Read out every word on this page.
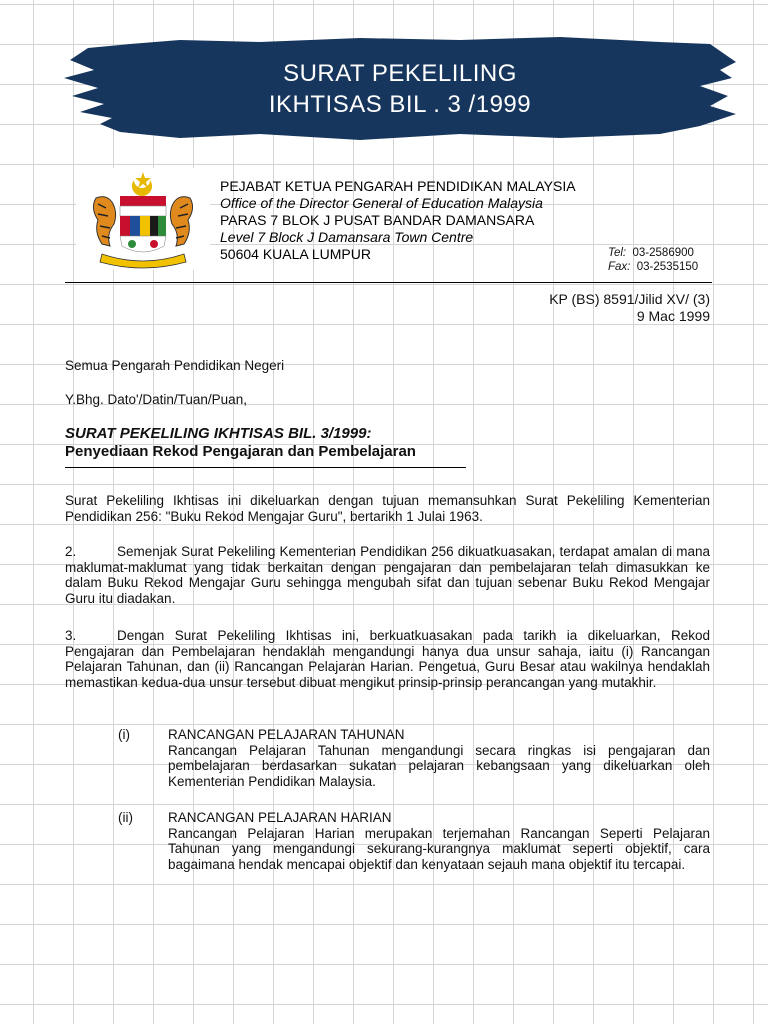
SURAT PEKELILING
IKHTISAS BIL . 3 /1999
PEJABAT KETUA PENGARAH PENDIDIKAN MALAYSIA
Office of the Director General of Education Malaysia
PARAS 7 BLOK J PUSAT BANDAR DAMANSARA
Level 7 Block J Damansara Town Centre
50604 KUALA LUMPUR	Tel: 03-2586900
Fax: 03-2535150
KP (BS) 8591/Jilid XV/ (3)
9 Mac 1999
Semua Pengarah Pendidikan Negeri
Y.Bhg. Dato'/Datin/Tuan/Puan,
SURAT PEKELILING IKHTISAS BIL. 3/1999:
Penyediaan Rekod Pengajaran dan Pembelajaran
Surat Pekeliling Ikhtisas ini dikeluarkan dengan tujuan memansuhkan Surat Pekeliling Kementerian Pendidikan 256: "Buku Rekod Mengajar Guru", bertarikh 1 Julai 1963.
2.	Semenjak Surat Pekeliling Kementerian Pendidikan 256 dikuatkuasakan, terdapat amalan di mana maklumat-maklumat yang tidak berkaitan dengan pengajaran dan pembelajaran telah dimasukkan ke dalam Buku Rekod Mengajar Guru sehingga mengubah sifat dan tujuan sebenar Buku Rekod Mengajar Guru itu diadakan.
3.	Dengan Surat Pekeliling Ikhtisas ini, berkuatkuasakan pada tarikh ia dikeluarkan, Rekod Pengajaran dan Pembelajaran hendaklah mengandungi hanya dua unsur sahaja, iaitu (i) Rancangan Pelajaran Tahunan, dan (ii) Rancangan Pelajaran Harian. Pengetua, Guru Besar atau wakilnya hendaklah memastikan kedua-dua unsur tersebut dibuat mengikut prinsip-prinsip perancangan yang mutakhir.
(i)	RANCANGAN PELAJARAN TAHUNAN
Rancangan Pelajaran Tahunan mengandungi secara ringkas isi pengajaran dan pembelajaran berdasarkan sukatan pelajaran kebangsaan yang dikeluarkan oleh Kementerian Pendidikan Malaysia.
(ii)	RANCANGAN PELAJARAN HARIAN
Rancangan Pelajaran Harian merupakan terjemahan Rancangan Seperti Pelajaran Tahunan yang mengandungi sekurang-kurangnya maklumat seperti objektif, cara bagaimana hendak mencapai objektif dan kenyataan sejauh mana objektif itu tercapai.
